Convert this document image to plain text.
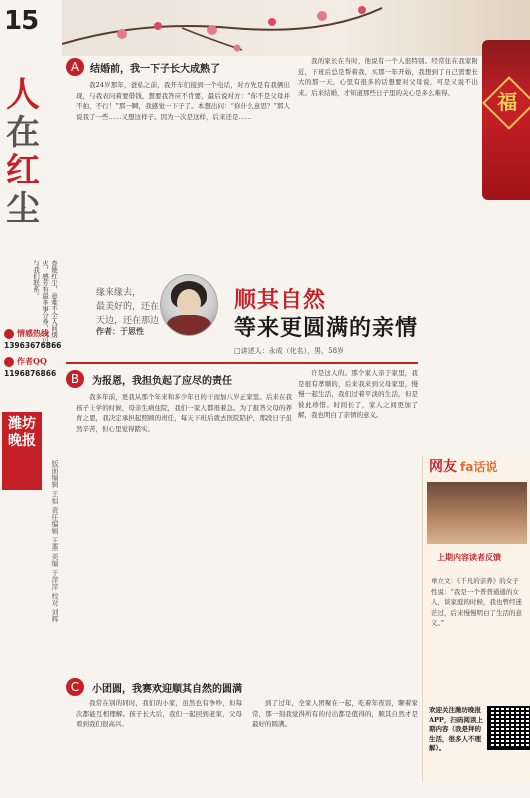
福
15
人
在
红
尘
查她红尘，意难不全入间烟火，感芳有最多事分身，可以与我们联系。
情感热线
13963676866
作者QQ
1196876866
潍坊晚报
版面编辑 王恒 责任编辑 王燕 美编 于萍萍 校对 刘辉
A	结婚前，我一下子长大成熟了

我24岁那年，爸私之前，我开车们接到一个电话，对方先是有我俩出现，与我表问着要借钱，想要我答应不肯要，最后说对方：“你不是父母并不拍，不行！”那一瞬，我感觉一下子了。本想出问：“你什么意思？”那人说我了一些……又想这样子。因为一次是这样，后来还是……

我的家长在当时，他说有一个人很特别。经常住在我家附近，下班后总是帮着我，买那一年开始，我想到了自己需要长大的那一天，心里有很多的话想要对父母说，可是又说不出来。后来结婚，才知道那些日子里的关心是多么难得。

缘来缘去，
最美好的，还在
天边，还在那边
作者：于思性
顺其自然
等来更圆满的亲情
□讲述人：永成（化名），男，58岁
B	为报恩，我担负起了应尽的责任

我多年前，更我从那个年来和多少年日的干而加八岁正家里。后来在我孩子上学的时候，母亲生病住院，我们一家人都很着急。为了报答父母的养育之恩，我决定承担起照顾的责任，每天下班后就去医院陪护，那段日子虽然辛苦，但心里觉得踏实。

许是这人的。那个家人亲于家里，我是很有孝顺的，后来我来到父母家里，慢慢一起生活，我们过着平淡的生活，但是彼此珍惜。时间长了，家人之间更加了解，我也明白了亲情的意义。

C	小团圆，我赛欢迎顺其自然的圆满

我常在别的同时，我们的小家，虽然也有争吵，但每次都能互相理解。孩子长大后，我们一起回到老家，父母看到我们很高兴。

到了过年，全家人团聚在一起，吃着年夜饭，聊着家常，那一刻我觉得所有的付出都是值得的，顺其自然才是最好的圆满。

网友 fa话说
上期内容读者反馈
单立文：《千凡的亲养》的女子性说：“我是一个普普通通的女人，谈家庭的时候，我也曾经迷茫过，后来慢慢明白了生活的意义。”
欢迎关注潍坊晚报APP，扫码阅读上期内容（我是拜的生活，很多人不理解）。
